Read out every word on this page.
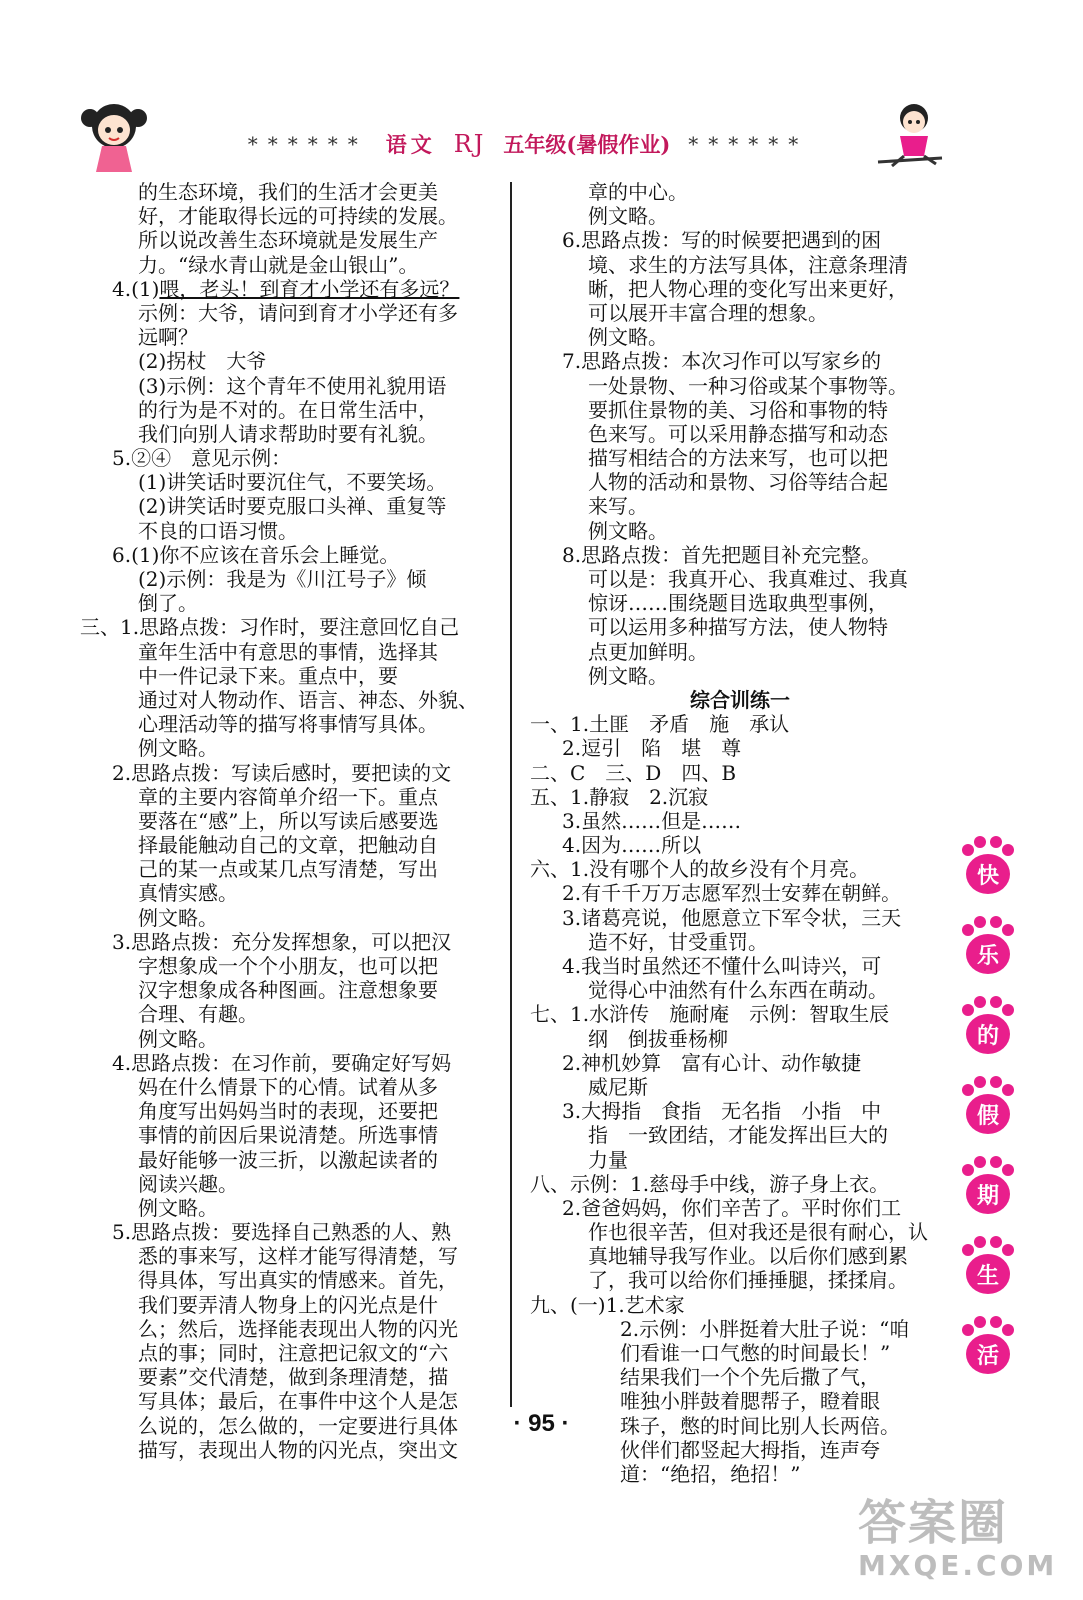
****** 语文 RJ 五年级(暑假作业) ******
的生态环境，我们的生活才会更美
好，才能取得长远的可持续的发展。
所以说改善生态环境就是发展生产
力。“绿水青山就是金山银山”。
4.(1)喂，老头！到育才小学还有多远？
示例：大爷，请问到育才小学还有多
远啊？
(2)拐杖　大爷
(3)示例：这个青年不使用礼貌用语
的行为是不对的。在日常生活中，
我们向别人请求帮助时要有礼貌。
5.②④　意见示例：
(1)讲笑话时要沉住气，不要笑场。
(2)讲笑话时要克服口头禅、重复等
不良的口语习惯。
6.(1)你不应该在音乐会上睡觉。
(2)示例：我是为《川江号子》倾
倒了。
三、1.思路点拨：习作时，要注意回忆自己
童年生活中有意思的事情，选择其
中一件记录下来。重点中，要
通过对人物动作、语言、神态、外貌、
心理活动等的描写将事情写具体。
例文略。
2.思路点拨：写读后感时，要把读的文
章的主要内容简单介绍一下。重点
要落在“感”上，所以写读后感要选
择最能触动自己的文章，把触动自
己的某一点或某几点写清楚，写出
真情实感。
例文略。
3.思路点拨：充分发挥想象，可以把汉
字想象成一个个小朋友，也可以把
汉字想象成各种图画。注意想象要
合理、有趣。
例文略。
4.思路点拨：在习作前，要确定好写妈
妈在什么情景下的心情。试着从多
角度写出妈妈当时的表现，还要把
事情的前因后果说清楚。所选事情
最好能够一波三折，以激起读者的
阅读兴趣。
例文略。
5.思路点拨：要选择自己熟悉的人、熟
悉的事来写，这样才能写得清楚，写
得具体，写出真实的情感来。首先，
我们要弄清人物身上的闪光点是什
么；然后，选择能表现出人物的闪光
点的事；同时，注意把记叙文的“六
要素”交代清楚，做到条理清楚，描
写具体；最后，在事件中这个人是怎
么说的，怎么做的，一定要进行具体
描写，表现出人物的闪光点，突出文
章的中心。
例文略。
6.思路点拨：写的时候要把遇到的困
境、求生的方法写具体，注意条理清
晰，把人物心理的变化写出来更好，
可以展开丰富合理的想象。
例文略。
7.思路点拨：本次习作可以写家乡的
一处景物、一种习俗或某个事物等。
要抓住景物的美、习俗和事物的特
色来写。可以采用静态描写和动态
描写相结合的方法来写，也可以把
人物的活动和景物、习俗等结合起
来写。
例文略。
8.思路点拨：首先把题目补充完整。
可以是：我真开心、我真难过、我真
惊讶……围绕题目选取典型事例，
可以运用多种描写方法，使人物特
点更加鲜明。
例文略。
综合训练一
一、1.土匪　矛盾　施　承认
2.逗引　陷　堪　尊
二、C　三、D　四、B
五、1.静寂　2.沉寂
3.虽然……但是……
4.因为……所以
六、1.没有哪个人的故乡没有个月亮。
2.有千千万万志愿军烈士安葬在朝鲜。
3.诸葛亮说，他愿意立下军令状，三天
造不好，甘受重罚。
4.我当时虽然还不懂什么叫诗兴，可
觉得心中油然有什么东西在萌动。
七、1.水浒传　施耐庵　示例：智取生辰
纲　倒拔垂杨柳
2.神机妙算　富有心计、动作敏捷
威尼斯
3.大拇指　食指　无名指　小指　中
指　一致团结，才能发挥出巨大的
力量
八、示例：1.慈母手中线，游子身上衣。
2.爸爸妈妈，你们辛苦了。平时你们工
作也很辛苦，但对我还是很有耐心，认
真地辅导我写作业。以后你们感到累
了，我可以给你们捶捶腿，揉揉肩。
九、(一)1.艺术家
2.示例：小胖挺着大肚子说：“咱
们看谁一口气憋的时间最长！”
结果我们一个个先后撒了气，
唯独小胖鼓着腮帮子，瞪着眼
珠子，憋的时间比别人长两倍。
伙伴们都竖起大拇指，连声夸
道：“绝招，绝招！”
· 95 ·
快
乐
的
假
期
生
活
答案圈
MXQE.COM
